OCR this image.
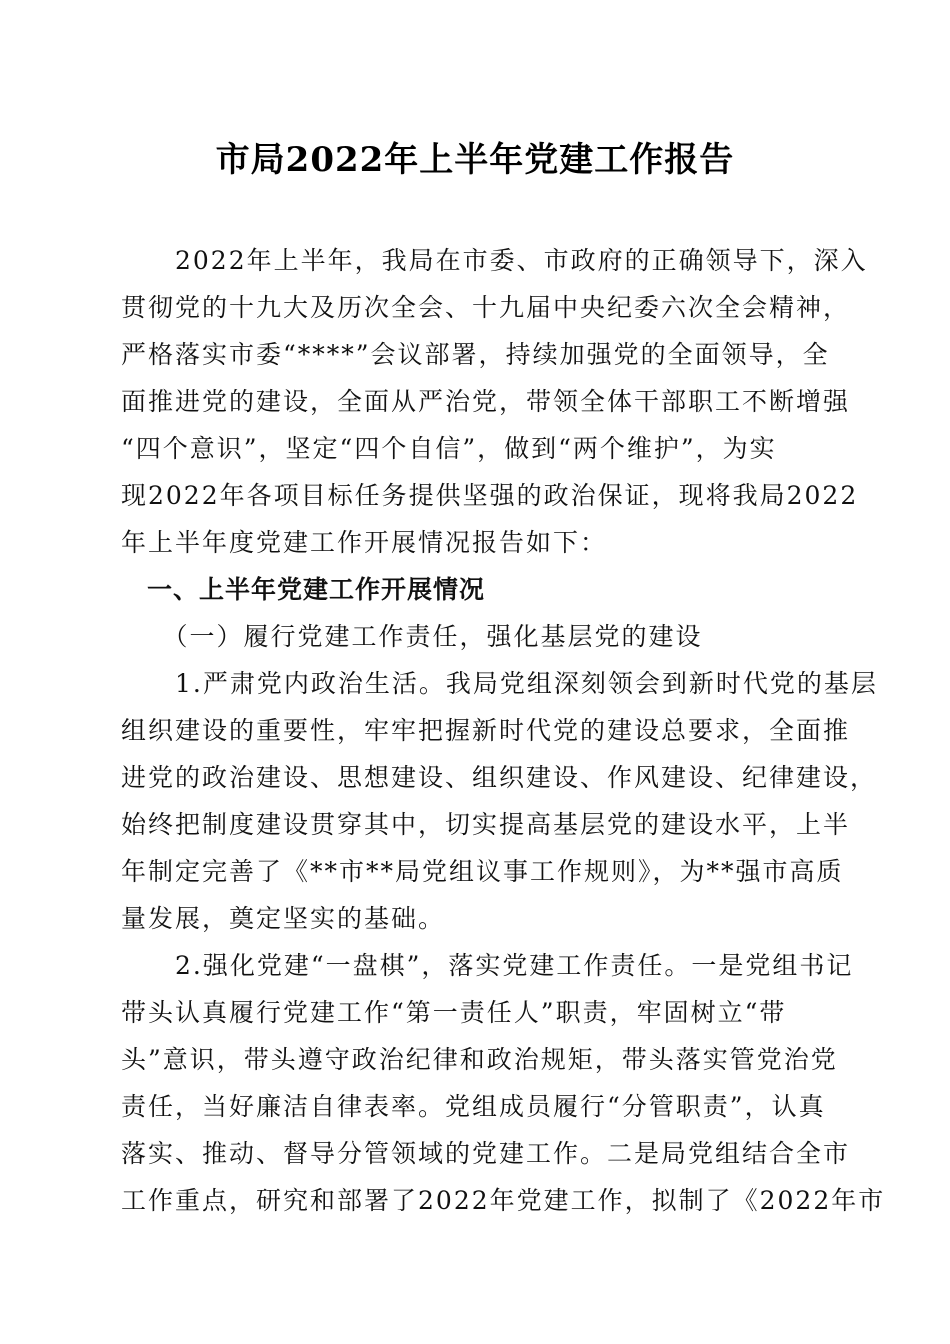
市局2022年上半年党建工作报告
　　2022年上半年，我局在市委、市政府的正确领导下，深入
贯彻党的十九大及历次全会、十九届中央纪委六次全会精神，
严格落实市委“****”会议部署，持续加强党的全面领导，全
面推进党的建设，全面从严治党，带领全体干部职工不断增强
“四个意识”，坚定“四个自信”，做到“两个维护”，为实
现2022年各项目标任务提供坚强的政治保证，现将我局2022
年上半年度党建工作开展情况报告如下：
　一、上半年党建工作开展情况
　　（一）履行党建工作责任，强化基层党的建设
　　1.严肃党内政治生活。我局党组深刻领会到新时代党的基层
组织建设的重要性，牢牢把握新时代党的建设总要求，全面推
进党的政治建设、思想建设、组织建设、作风建设、纪律建设，
始终把制度建设贯穿其中，切实提高基层党的建设水平，上半
年制定完善了《**市**局党组议事工作规则》，为**强市高质
量发展，奠定坚实的基础。
　　2.强化党建“一盘棋”，落实党建工作责任。一是党组书记
带头认真履行党建工作“第一责任人”职责，牢固树立“带
头”意识，带头遵守政治纪律和政治规矩，带头落实管党治党
责任，当好廉洁自律表率。党组成员履行“分管职责”，认真
落实、推动、督导分管领域的党建工作。二是局党组结合全市
工作重点，研究和部署了2022年党建工作，拟制了《2022年市
